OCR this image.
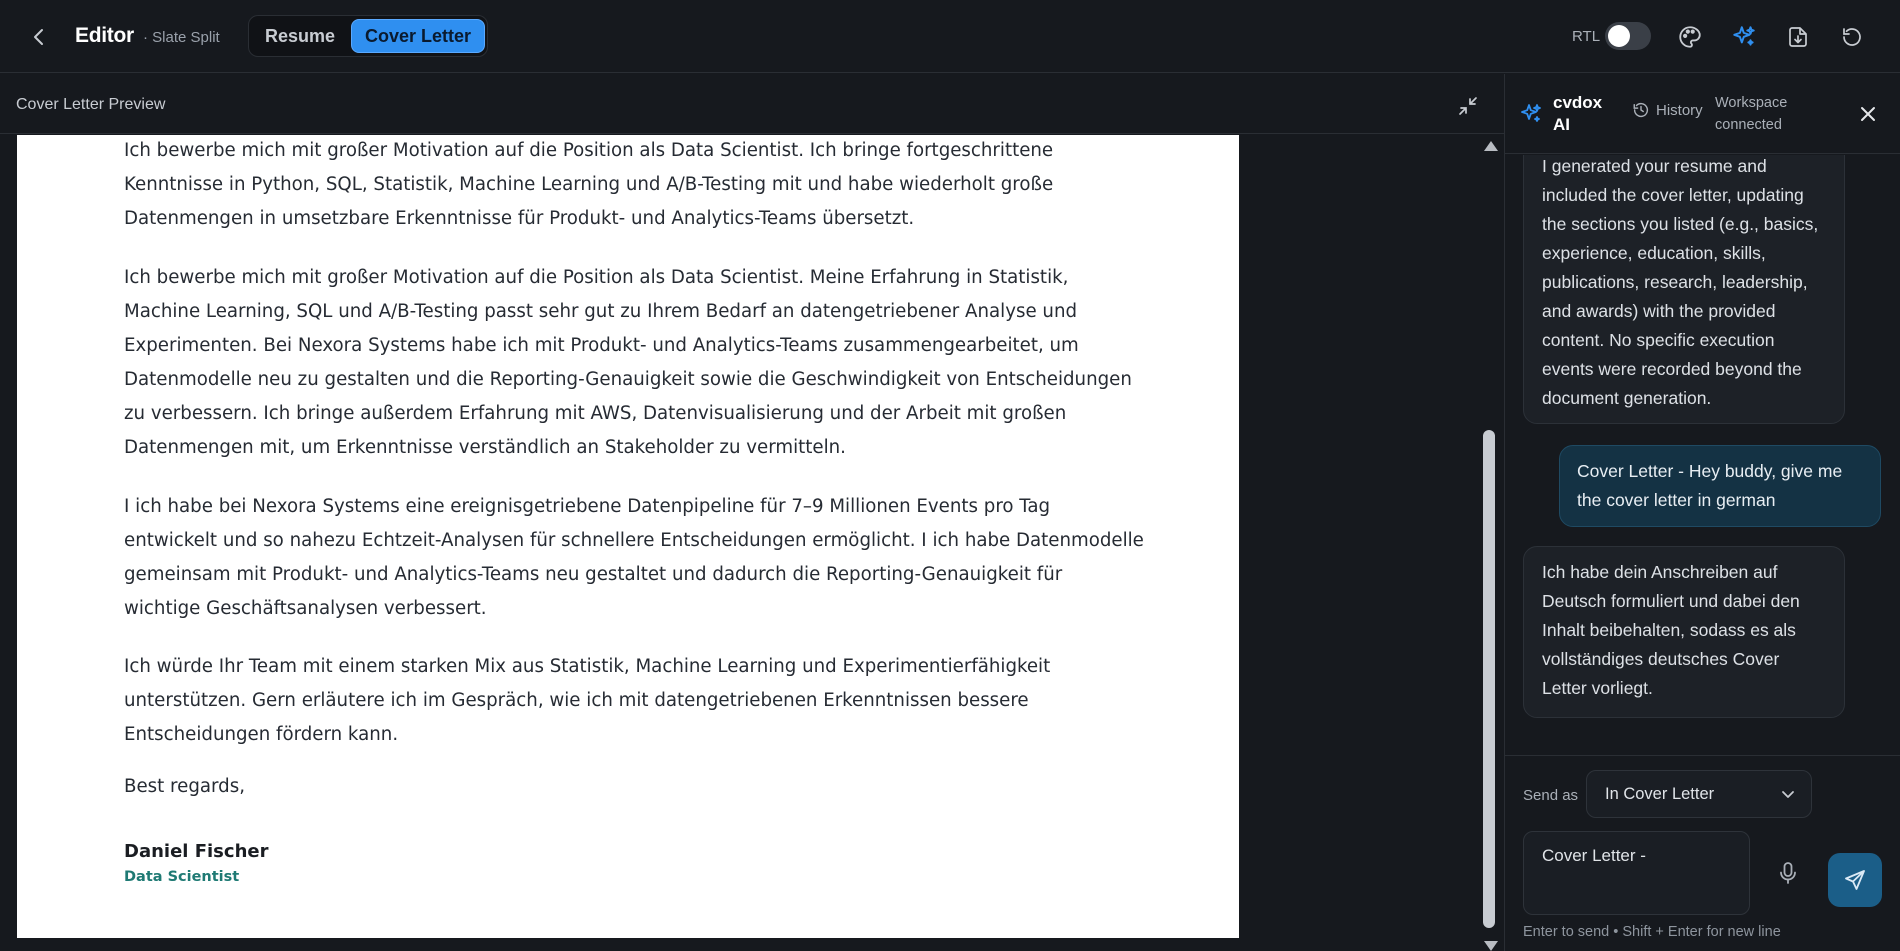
Editor · Slate Split	Resume	Cover Letter	RTL
Cover Letter Preview
Ich bewerbe mich mit großer Motivation auf die Position als Data Scientist. Ich bringe fortgeschrittene Kenntnisse in Python, SQL, Statistik, Machine Learning und A/B-Testing mit und habe wiederholt große Datenmengen in umsetzbare Erkenntnisse für Produkt- und Analytics-Teams übersetzt.
Ich bewerbe mich mit großer Motivation auf die Position als Data Scientist. Meine Erfahrung in Statistik, Machine Learning, SQL und A/B-Testing passt sehr gut zu Ihrem Bedarf an datengetriebener Analyse und Experimenten. Bei Nexora Systems habe ich mit Produkt- und Analytics-Teams zusammengearbeitet, um Datenmodelle neu zu gestalten und die Reporting-Genauigkeit sowie die Geschwindigkeit von Entscheidungen zu verbessern. Ich bringe außerdem Erfahrung mit AWS, Datenvisualisierung und der Arbeit mit großen Datenmengen mit, um Erkenntnisse verständlich an Stakeholder zu vermitteln.
I ich habe bei Nexora Systems eine ereignisgetriebene Datenpipeline für 7–9 Millionen Events pro Tag entwickelt und so nahezu Echtzeit-Analysen für schnellere Entscheidungen ermöglicht. I ich habe Datenmodelle gemeinsam mit Produkt- und Analytics-Teams neu gestaltet und dadurch die Reporting-Genauigkeit für wichtige Geschäftsanalysen verbessert.
Ich würde Ihr Team mit einem starken Mix aus Statistik, Machine Learning und Experimentierfähigkeit unterstützen. Gern erläutere ich im Gespräch, wie ich mit datengetriebenen Erkenntnissen bessere Entscheidungen fördern kann.
Best regards,
Daniel Fischer
Data Scientist
cvdox AI
History Workspace connected
I generated your resume and included the cover letter, updating the sections you listed (e.g., basics, experience, education, skills, publications, research, leadership, and awards) with the provided content. No specific execution events were recorded beyond the document generation.
Cover Letter - Hey buddy, give me the cover letter in german
Ich habe dein Anschreiben auf Deutsch formuliert und dabei den Inhalt beibehalten, sodass es als vollständiges deutsches Cover Letter vorliegt.
Send as In Cover Letter
Cover Letter -
Enter to send • Shift + Enter for new line
